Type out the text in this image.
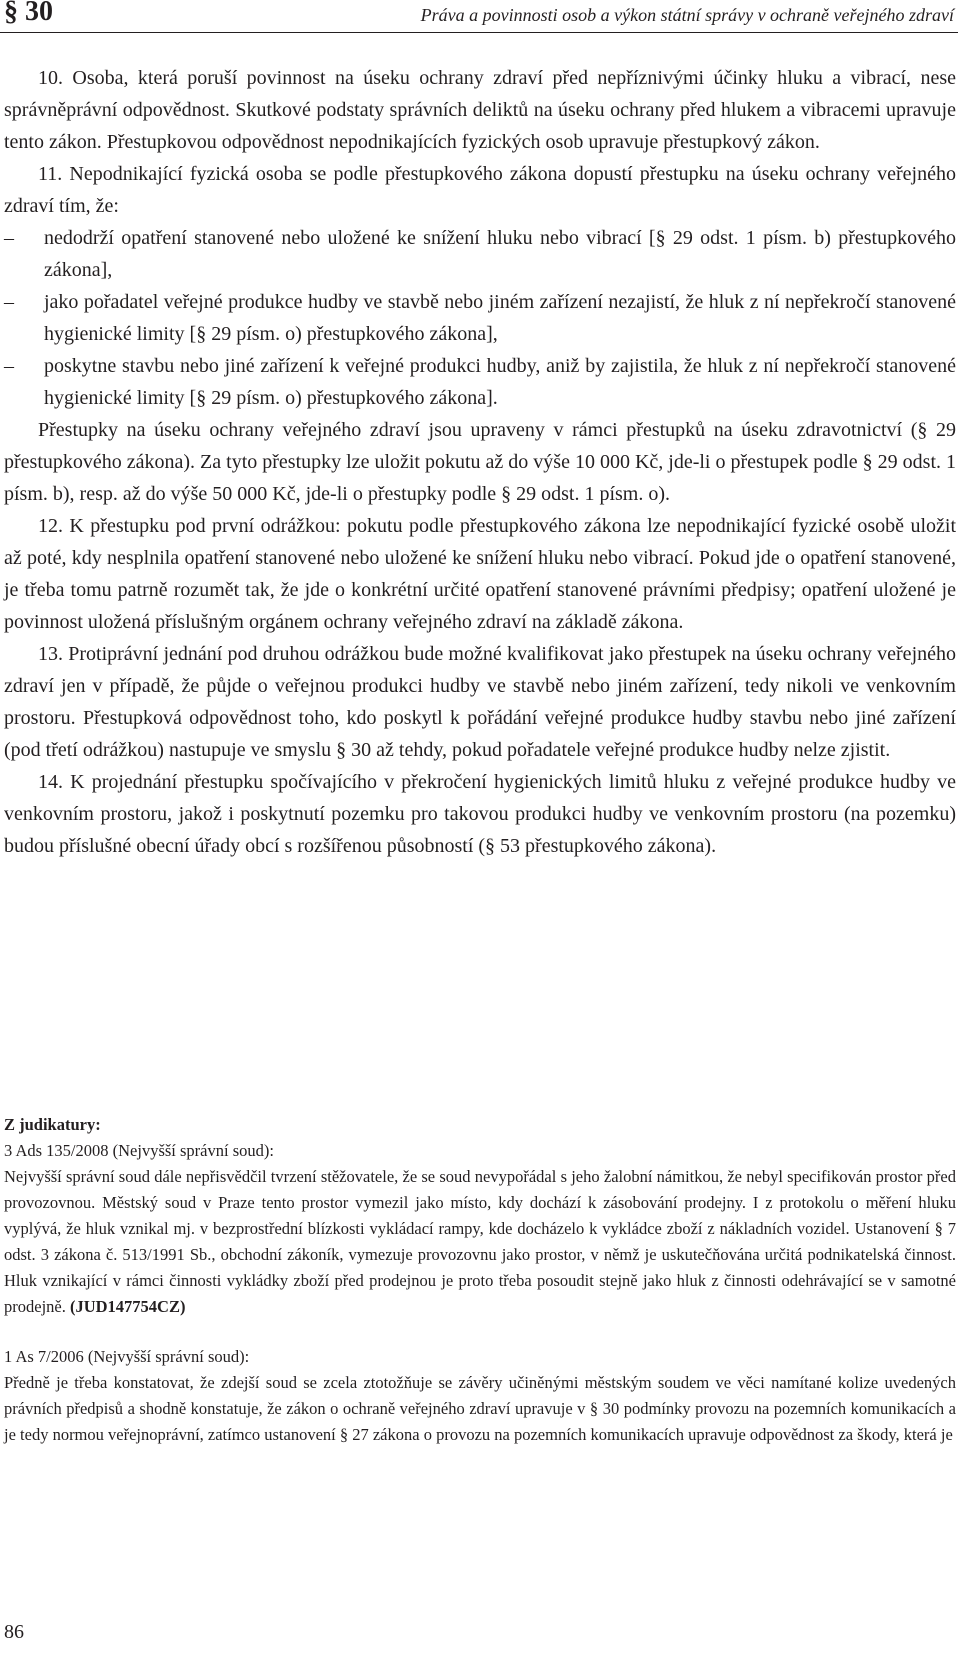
§ 30	Práva a povinnosti osob a výkon státní správy v ochraně veřejného zdraví

10. Osoba, která poruší povinnost na úseku ochrany zdraví před nepříznivými účinky hluku a vibrací, nese správněprávní odpovědnost. Skutkové podstaty správních deliktů na úseku ochrany před hlukem a vibracemi upravuje tento zákon. Přestupkovou odpovědnost nepodnikajících fyzických osob upravuje přestupkový zákon.

11. Nepodnikající fyzická osoba se podle přestupkového zákona dopustí přestupku na úseku ochrany veřejného zdraví tím, že:

– nedodrží opatření stanovené nebo uložené ke snížení hluku nebo vibrací [§ 29 odst. 1 písm. b) přestupkového zákona],
– jako pořadatel veřejné produkce hudby ve stavbě nebo jiném zařízení nezajistí, že hluk z ní nepřekročí stanovené hygienické limity [§ 29 písm. o) přestupkového zákona],
– poskytne stavbu nebo jiné zařízení k veřejné produkci hudby, aniž by zajistila, že hluk z ní nepřekročí stanovené hygienické limity [§ 29 písm. o) přestupkového zákona].

Přestupky na úseku ochrany veřejného zdraví jsou upraveny v rámci přestupků na úseku zdravotnictví (§ 29 přestupkového zákona). Za tyto přestupky lze uložit pokutu až do výše 10 000 Kč, jde-li o přestupek podle § 29 odst. 1 písm. b), resp. až do výše 50 000 Kč, jde-li o přestupky podle § 29 odst. 1 písm. o).

12. K přestupku pod první odrážkou: pokutu podle přestupkového zákona lze nepodnikající fyzické osobě uložit až poté, kdy nesplnila opatření stanovené nebo uložené ke snížení hluku nebo vibrací. Pokud jde o opatření stanovené, je třeba tomu patrně rozumět tak, že jde o konkrétní určité opatření stanovené právními předpisy; opatření uložené je povinnost uložená příslušným orgánem ochrany veřejného zdraví na základě zákona.

13. Protiprávní jednání pod druhou odrážkou bude možné kvalifikovat jako přestupek na úseku ochrany veřejného zdraví jen v případě, že půjde o veřejnou produkci hudby ve stavbě nebo jiném zařízení, tedy nikoli ve venkovním prostoru. Přestupková odpovědnost toho, kdo poskytl k pořádání veřejné produkce hudby stavbu nebo jiné zařízení (pod třetí odrážkou) nastupuje ve smyslu § 30 až tehdy, pokud pořadatele veřejné produkce hudby nelze zjistit.

14. K projednání přestupku spočívajícího v překročení hygienických limitů hluku z veřejné produkce hudby ve venkovním prostoru, jakož i poskytnutí pozemku pro takovou produkci hudby ve venkovním prostoru (na pozemku) budou příslušné obecní úřady obcí s rozšířenou působností (§ 53 přestupkového zákona).

Z judikatury:

3 Ads 135/2008 (Nejvyšší správní soud):

Nejvyšší správní soud dále nepřisvědčil tvrzení stěžovatele, že se soud nevypořádal s jeho žalobní námitkou, že nebyl specifikován prostor před provozovnou. Městský soud v Praze tento prostor vymezil jako místo, kdy dochází k zásobování prodejny. I z protokolu o měření hluku vyplývá, že hluk vznikal mj. v bezprostřední blízkosti vykládací rampy, kde docházelo k vykládce zboží z nákladních vozidel. Ustanovení § 7 odst. 3 zákona č. 513/1991 Sb., obchodní zákoník, vymezuje provozovnu jako prostor, v němž je uskutečňována určitá podnikatelská činnost. Hluk vznikající v rámci činnosti vykládky zboží před prodejnou je proto třeba posoudit stejně jako hluk z činnosti odehrávající se v samotné prodejně. (JUD147754CZ)

1 As 7/2006 (Nejvyšší správní soud):

Předně je třeba konstatovat, že zdejší soud se zcela ztotožňuje se závěry učiněnými městským soudem ve věci namítané kolize uvedených právních předpisů a shodně konstatuje, že zákon o ochraně veřejného zdraví upravuje v § 30 podmínky provozu na pozemních komunikacích a je tedy normou veřejnoprávní, zatímco ustanovení § 27 zákona o provozu na pozemních komunikacích upravuje odpovědnost za škody, která je

86
